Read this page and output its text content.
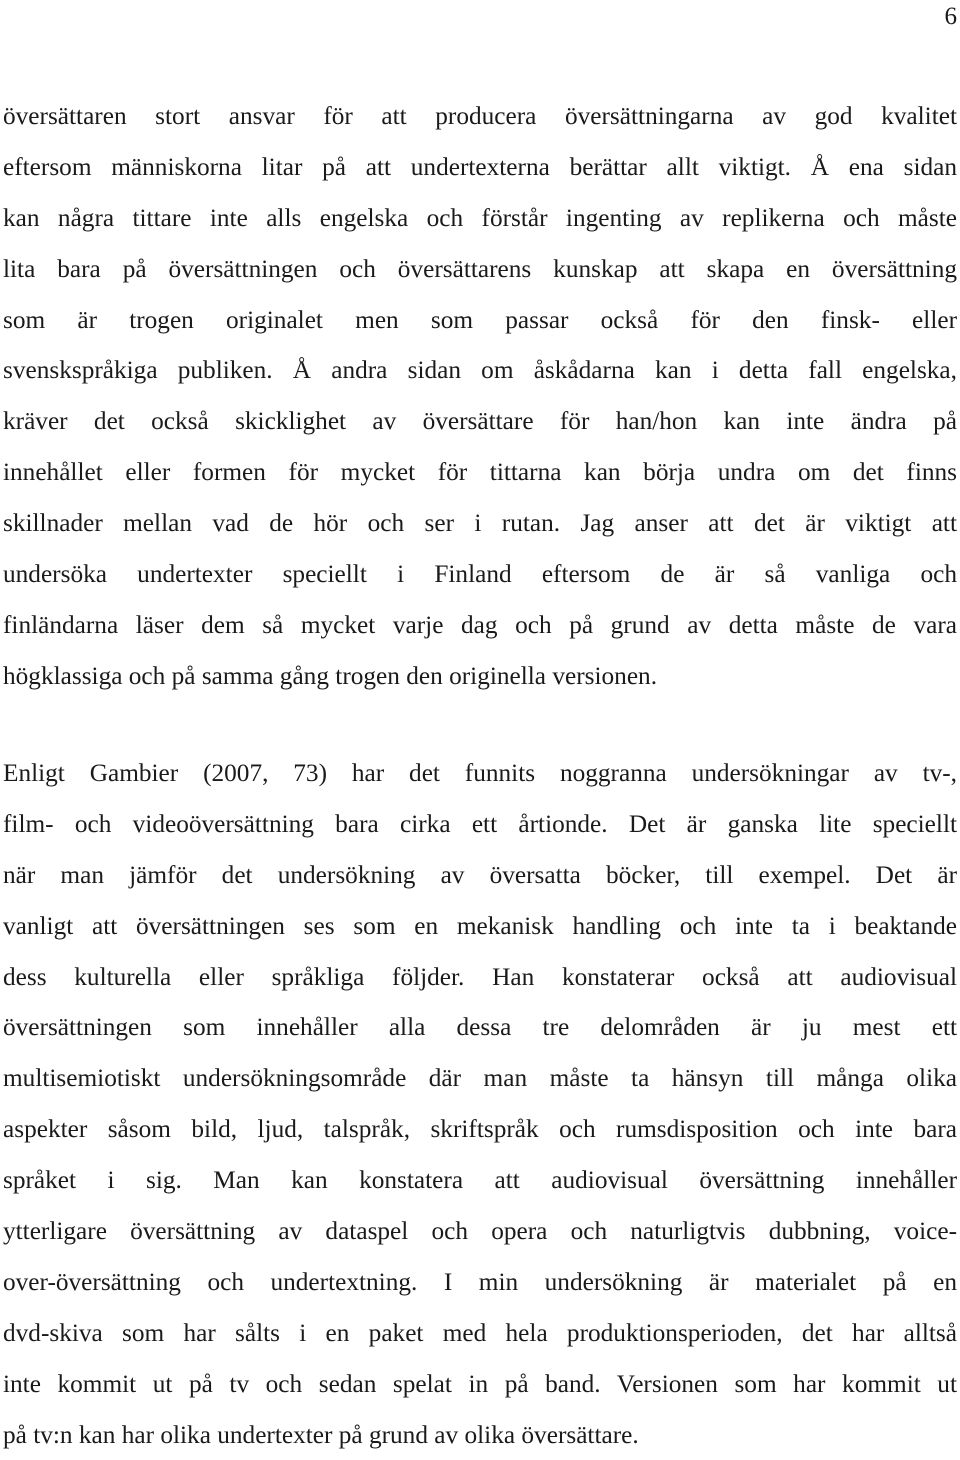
6
översättaren stort ansvar för att producera översättningarna av god kvalitet
eftersom människorna litar på att undertexterna berättar allt viktigt. Å ena sidan
kan några tittare inte alls engelska och förstår ingenting av replikerna och måste
lita bara på översättningen och översättarens kunskap att skapa en översättning
som är trogen originalet men som passar också för den finsk- eller
svenskspråkiga publiken. Å andra sidan om åskådarna kan i detta fall engelska,
kräver det också skicklighet av översättare för han/hon kan inte ändra på
innehållet eller formen för mycket för tittarna kan börja undra om det finns
skillnader mellan vad de hör och ser i rutan. Jag anser att det är viktigt att
undersöka undertexter speciellt i Finland eftersom de är så vanliga och
finländarna läser dem så mycket varje dag och på grund av detta måste de vara
högklassiga och på samma gång trogen den originella versionen.
Enligt Gambier (2007, 73) har det funnits noggranna undersökningar av tv-,
film- och videoöversättning bara cirka ett årtionde. Det är ganska lite speciellt
när man jämför det undersökning av översatta böcker, till exempel. Det är
vanligt att översättningen ses som en mekanisk handling och inte ta i beaktande
dess kulturella eller språkliga följder. Han konstaterar också att audiovisual
översättningen som innehåller alla dessa tre delområden är ju mest ett
multisemiotiskt undersökningsområde där man måste ta hänsyn till många olika
aspekter såsom bild, ljud, talspråk, skriftspråk och rumsdisposition och inte bara
språket i sig. Man kan konstatera att audiovisual översättning innehåller
ytterligare översättning av dataspel och opera och naturligtvis dubbning, voice-
over-översättning och undertextning. I min undersökning är materialet på en
dvd-skiva som har sålts i en paket med hela produktionsperioden, det har alltså
inte kommit ut på tv och sedan spelat in på band. Versionen som har kommit ut
på tv:n kan har olika undertexter på grund av olika översättare.
